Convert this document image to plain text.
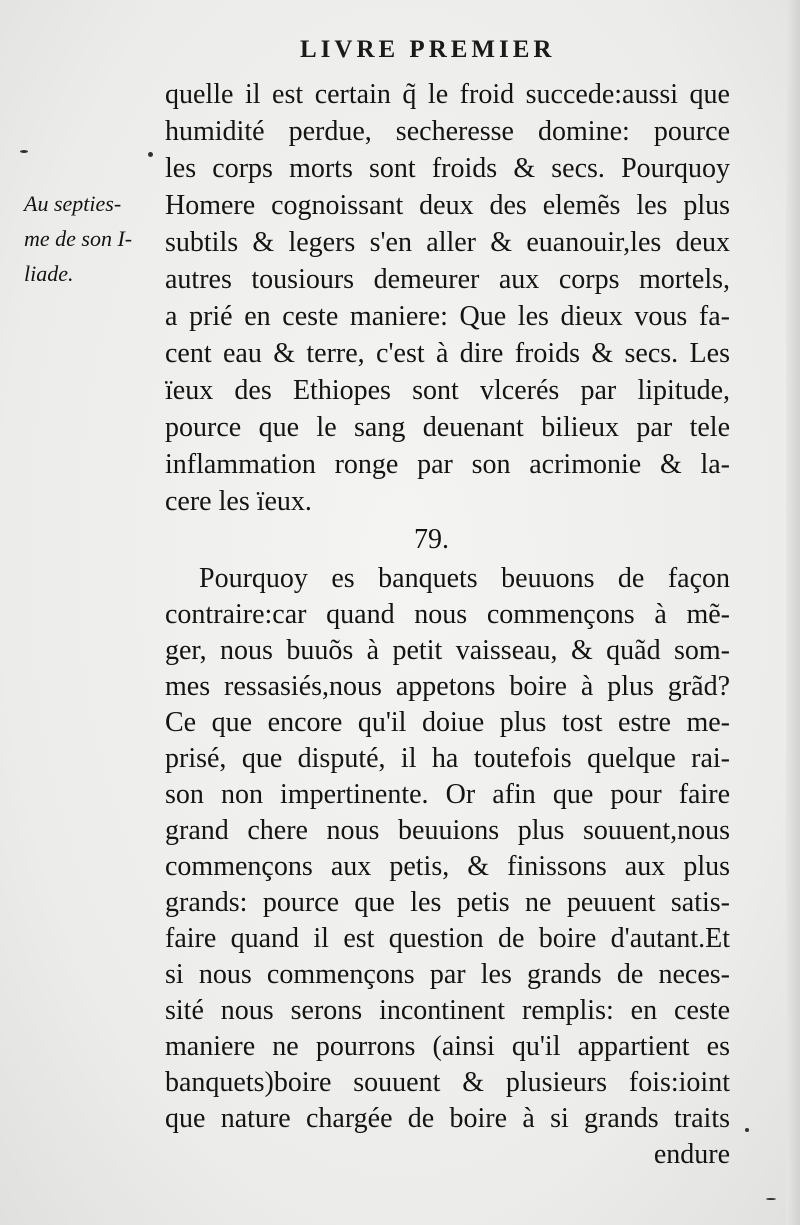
LIVRE PREMIER
Au septies-
me de son I-
liade.
quelle il est certain q̃ le froid succede:aussi que
humidité perdue, secheresse domine: pource
les corps morts sont froids & secs. Pourquoy
Homere cognoissant deux des elemẽs les plus
subtils & legers s'en aller & euanouir,les deux
autres tousiours demeurer aux corps mortels,
a prié en ceste maniere: Que les dieux vous fa-
cent eau & terre, c'est à dire froids & secs. Les
ïeux des Ethiopes sont vlcerés par lipitude,
pource que le sang deuenant bilieux par tele
inflammation ronge par son acrimonie & la-
cere les ïeux.
79.
Pourquoy es banquets beuuons de façon
contraire:car quand nous commençons à mẽ-
ger, nous buuõs à petit vaisseau, & quãd som-
mes ressasiés,nous appetons boire à plus grãd?
Ce que encore qu'il doiue plus tost estre me-
prisé, que disputé, il ha toutefois quelque rai-
son non impertinente. Or afin que pour faire
grand chere nous beuuions plus souuent,nous
commençons aux petis, & finissons aux plus
grands: pource que les petis ne peuuent satis-
faire quand il est question de boire d'autant.Et
si nous commençons par les grands de neces-
sité nous serons incontinent remplis: en ceste
maniere ne pourrons (ainsi qu'il appartient es
banquets)boire souuent & plusieurs fois:ioint
que nature chargée de boire à si grands traits
endure
